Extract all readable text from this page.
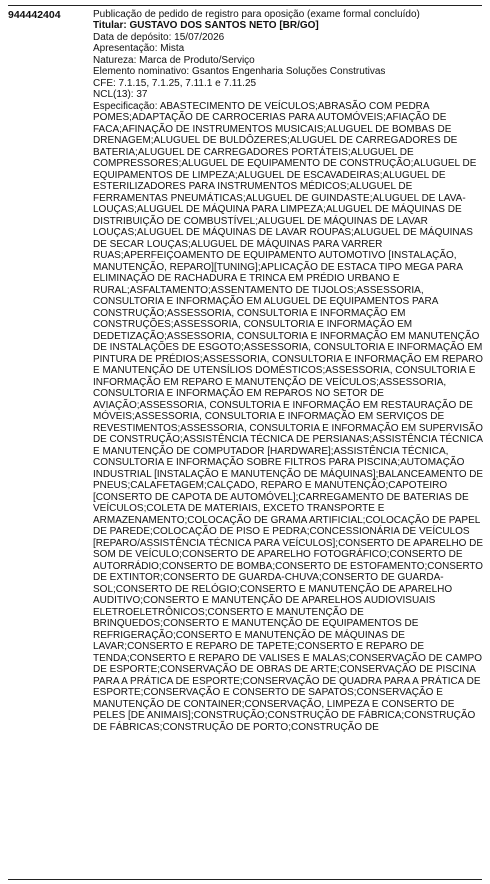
944442404	Publicação de pedido de registro para oposição (exame formal concluído)

Titular: GUSTAVO DOS SANTOS NETO [BR/GO]

Data de depósito: 15/07/2026

Apresentação: Mista

Natureza: Marca de Produto/Serviço

Elemento nominativo: Gsantos Engenharia Soluções Construtivas

CFE: 7.1.15, 7.1.25, 7.11.1 e 7.11.25

NCL(13): 37

Especificação: ABASTECIMENTO DE VEÍCULOS;ABRASÃO COM PEDRA

POMES;ADAPTAÇÃO DE CARROCERIAS PARA AUTOMÓVEIS;AFIAÇÃO DE

FACA;AFINAÇÃO DE INSTRUMENTOS MUSICAIS;ALUGUEL DE BOMBAS DE

DRENAGEM;ALUGUEL DE BULDÔZERES;ALUGUEL DE CARREGADORES DE

BATERIA;ALUGUEL DE CARREGADORES PORTÁTEIS;ALUGUEL DE

COMPRESSORES;ALUGUEL DE EQUIPAMENTO DE CONSTRUÇÃO;ALUGUEL DE

EQUIPAMENTOS DE LIMPEZA;ALUGUEL DE ESCAVADEIRAS;ALUGUEL DE

ESTERILIZADORES PARA INSTRUMENTOS MÉDICOS;ALUGUEL DE

FERRAMENTAS PNEUMÁTICAS;ALUGUEL DE GUINDASTE;ALUGUEL DE LAVA-

LOUÇAS;ALUGUEL DE MÁQUINA PARA LIMPEZA;ALUGUEL DE MÁQUINAS DE

DISTRIBUIÇÃO DE COMBUSTÍVEL;ALUGUEL DE MÁQUINAS DE LAVAR

LOUÇAS;ALUGUEL DE MÁQUINAS DE LAVAR ROUPAS;ALUGUEL DE MÁQUINAS

DE SECAR LOUÇAS;ALUGUEL DE MÁQUINAS PARA VARRER

RUAS;APERFEIÇOAMENTO DE EQUIPAMENTO AUTOMOTIVO [INSTALAÇÃO,

MANUTENÇÃO, REPARO][TUNING];APLICAÇÃO DE ESTACA TIPO MEGA PARA

ELIMINAÇÃO DE RACHADURA E TRINCA EM PRÉDIO URBANO E

RURAL;ASFALTAMENTO;ASSENTAMENTO DE TIJOLOS;ASSESSORIA,

CONSULTORIA E INFORMAÇÃO EM ALUGUEL DE EQUIPAMENTOS PARA

CONSTRUÇÃO;ASSESSORIA, CONSULTORIA E INFORMAÇÃO EM

CONSTRUÇÕES;ASSESSORIA, CONSULTORIA E INFORMAÇÃO EM

DEDETIZAÇÃO;ASSESSORIA, CONSULTORIA E INFORMAÇÃO EM MANUTENÇÃO

DE INSTALAÇÕES DE ESGOTO;ASSESSORIA, CONSULTORIA E INFORMAÇÃO EM

PINTURA DE PRÉDIOS;ASSESSORIA, CONSULTORIA E INFORMAÇÃO EM REPARO

E MANUTENÇÃO DE UTENSÍLIOS DOMÉSTICOS;ASSESSORIA, CONSULTORIA E

INFORMAÇÃO EM REPARO E MANUTENÇÃO DE VEÍCULOS;ASSESSORIA,

CONSULTORIA E INFORMAÇÃO EM REPAROS NO SETOR DE

AVIAÇÃO;ASSESSORIA, CONSULTORIA E INFORMAÇÃO EM RESTAURAÇÃO DE

MÓVEIS;ASSESSORIA, CONSULTORIA E INFORMAÇÃO EM SERVIÇOS DE

REVESTIMENTOS;ASSESSORIA, CONSULTORIA E INFORMAÇÃO EM SUPERVISÃO

DE CONSTRUÇÃO;ASSISTÊNCIA TÉCNICA DE PERSIANAS;ASSISTÊNCIA TÉCNICA

E MANUTENÇÃO DE COMPUTADOR [HARDWARE];ASSISTÊNCIA TÉCNICA,

CONSULTORIA E INFORMAÇÃO SOBRE FILTROS PARA PISCINA;AUTOMAÇÃO

INDUSTRIAL [INSTALAÇÃO E MANUTENÇÃO DE MÁQUINAS];BALANCEAMENTO DE

PNEUS;CALAFETAGEM;CALÇADO, REPARO E MANUTENÇÃO;CAPOTEIRO

[CONSERTO DE CAPOTA DE AUTOMÓVEL];CARREGAMENTO DE BATERIAS DE

VEÍCULOS;COLETA DE MATERIAIS, EXCETO TRANSPORTE E

ARMAZENAMENTO;COLOCAÇÃO DE GRAMA ARTIFICIAL;COLOCAÇÃO DE PAPEL

DE PAREDE;COLOCAÇÃO DE PISO E PEDRA;CONCESSIONÁRIA DE VEÍCULOS

[REPARO/ASSISTÊNCIA TÉCNICA PARA VEÍCULOS];CONSERTO DE APARELHO DE

SOM DE VEÍCULO;CONSERTO DE APARELHO FOTOGRÁFICO;CONSERTO DE

AUTORRÁDIO;CONSERTO DE BOMBA;CONSERTO DE ESTOFAMENTO;CONSERTO

DE EXTINTOR;CONSERTO DE GUARDA-CHUVA;CONSERTO DE GUARDA-

SOL;CONSERTO DE RELÓGIO;CONSERTO E MANUTENÇÃO DE APARELHO

AUDITIVO;CONSERTO E MANUTENÇÃO DE APARELHOS AUDIOVISUAIS

ELETROELETRÔNICOS;CONSERTO E MANUTENÇÃO DE

BRINQUEDOS;CONSERTO E MANUTENÇÃO DE EQUIPAMENTOS DE

REFRIGERAÇÃO;CONSERTO E MANUTENÇÃO DE MÁQUINAS DE

LAVAR;CONSERTO E REPARO DE TAPETE;CONSERTO E REPARO DE

TENDA;CONSERTO E REPARO DE VALISES E MALAS;CONSERVAÇÃO DE CAMPO

DE ESPORTE;CONSERVAÇÃO DE OBRAS DE ARTE;CONSERVAÇÃO DE PISCINA

PARA A PRÁTICA DE ESPORTE;CONSERVAÇÃO DE QUADRA PARA A PRÁTICA DE

ESPORTE;CONSERVAÇÃO E CONSERTO DE SAPATOS;CONSERVAÇÃO E

MANUTENÇÃO DE CONTAINER;CONSERVAÇÃO, LIMPEZA E CONSERTO DE

PELES [DE ANIMAIS];CONSTRUÇÃO;CONSTRUÇÃO DE FÁBRICA;CONSTRUÇÃO

DE FÁBRICAS;CONSTRUÇÃO DE PORTO;CONSTRUÇÃO DE
